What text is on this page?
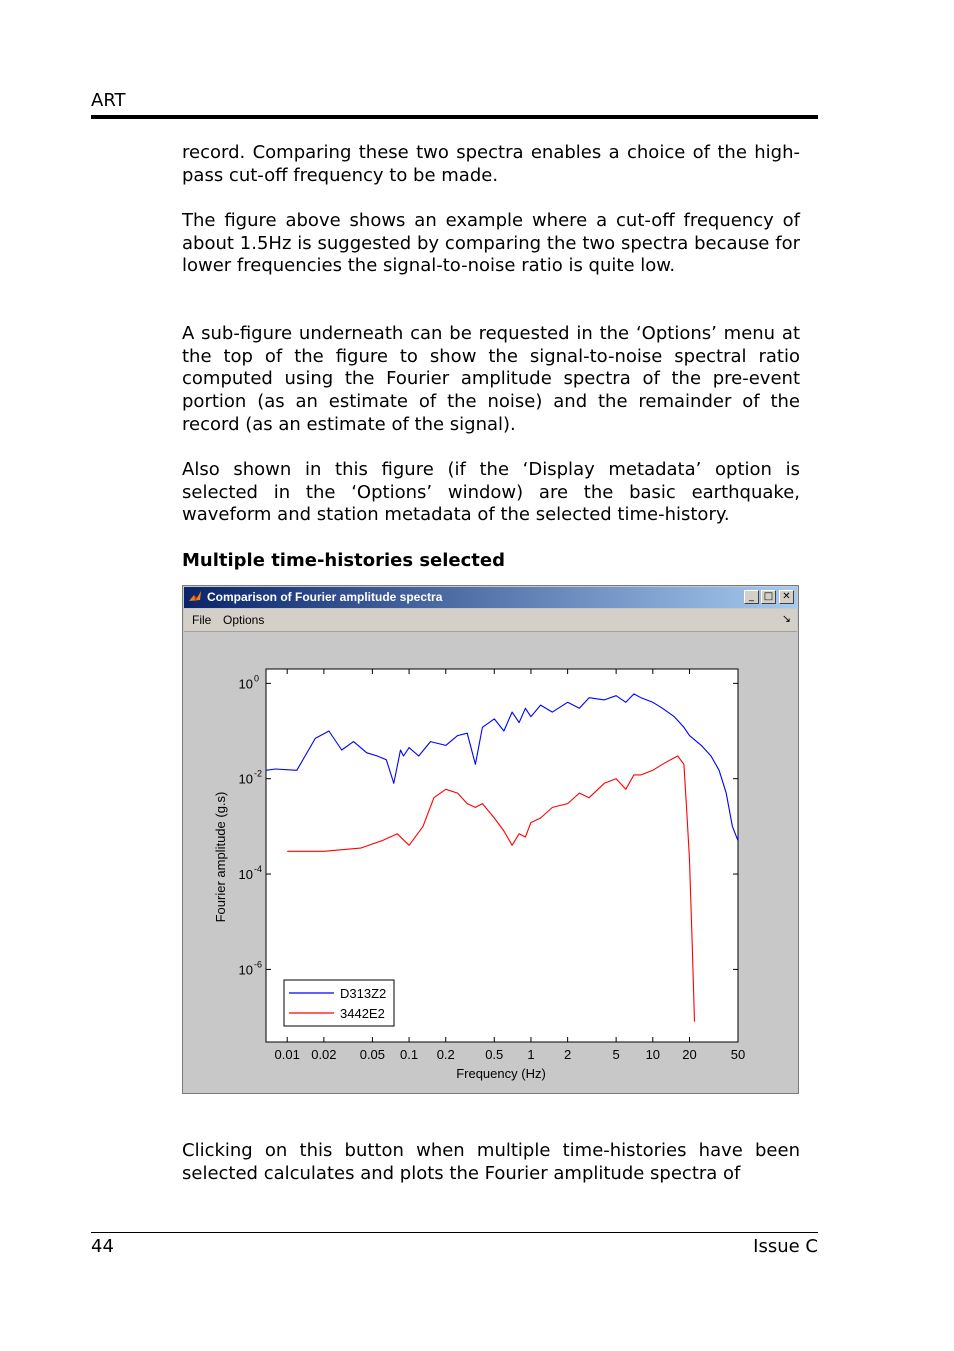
ART

record. Comparing these two spectra enables a choice of the high-pass cut-off frequency to be made.

The figure above shows an example where a cut-off frequency of about 1.5Hz is suggested by comparing the two spectra because for lower frequencies the signal-to-noise ratio is quite low.

A sub-figure underneath can be requested in the ‘Options’ menu at the top of the figure to show the signal-to-noise spectral ratio computed using the Fourier amplitude spectra of the pre-event portion (as an estimate of the noise) and the remainder of the record (as an estimate of the signal).

Also shown in this figure (if the ‘Display metadata’ option is selected in the ‘Options’ window) are the basic earthquake, waveform and station metadata of the selected time-history.

Multiple time-histories selected
Comparison of Fourier amplitude spectra	_ □ ✕
File Options	↘
0.01 0.02 0.05 0.1 0.2 0.5 1 2	5 10 20	50
10 -6
10 -4
10 -2
10 0
Frequency (Hz)
Fourier amplitude (g.s)
D313Z2
3442E2

Clicking on this button when multiple time-histories have been selected calculates and plots the Fourier amplitude spectra of

44	Issue C
